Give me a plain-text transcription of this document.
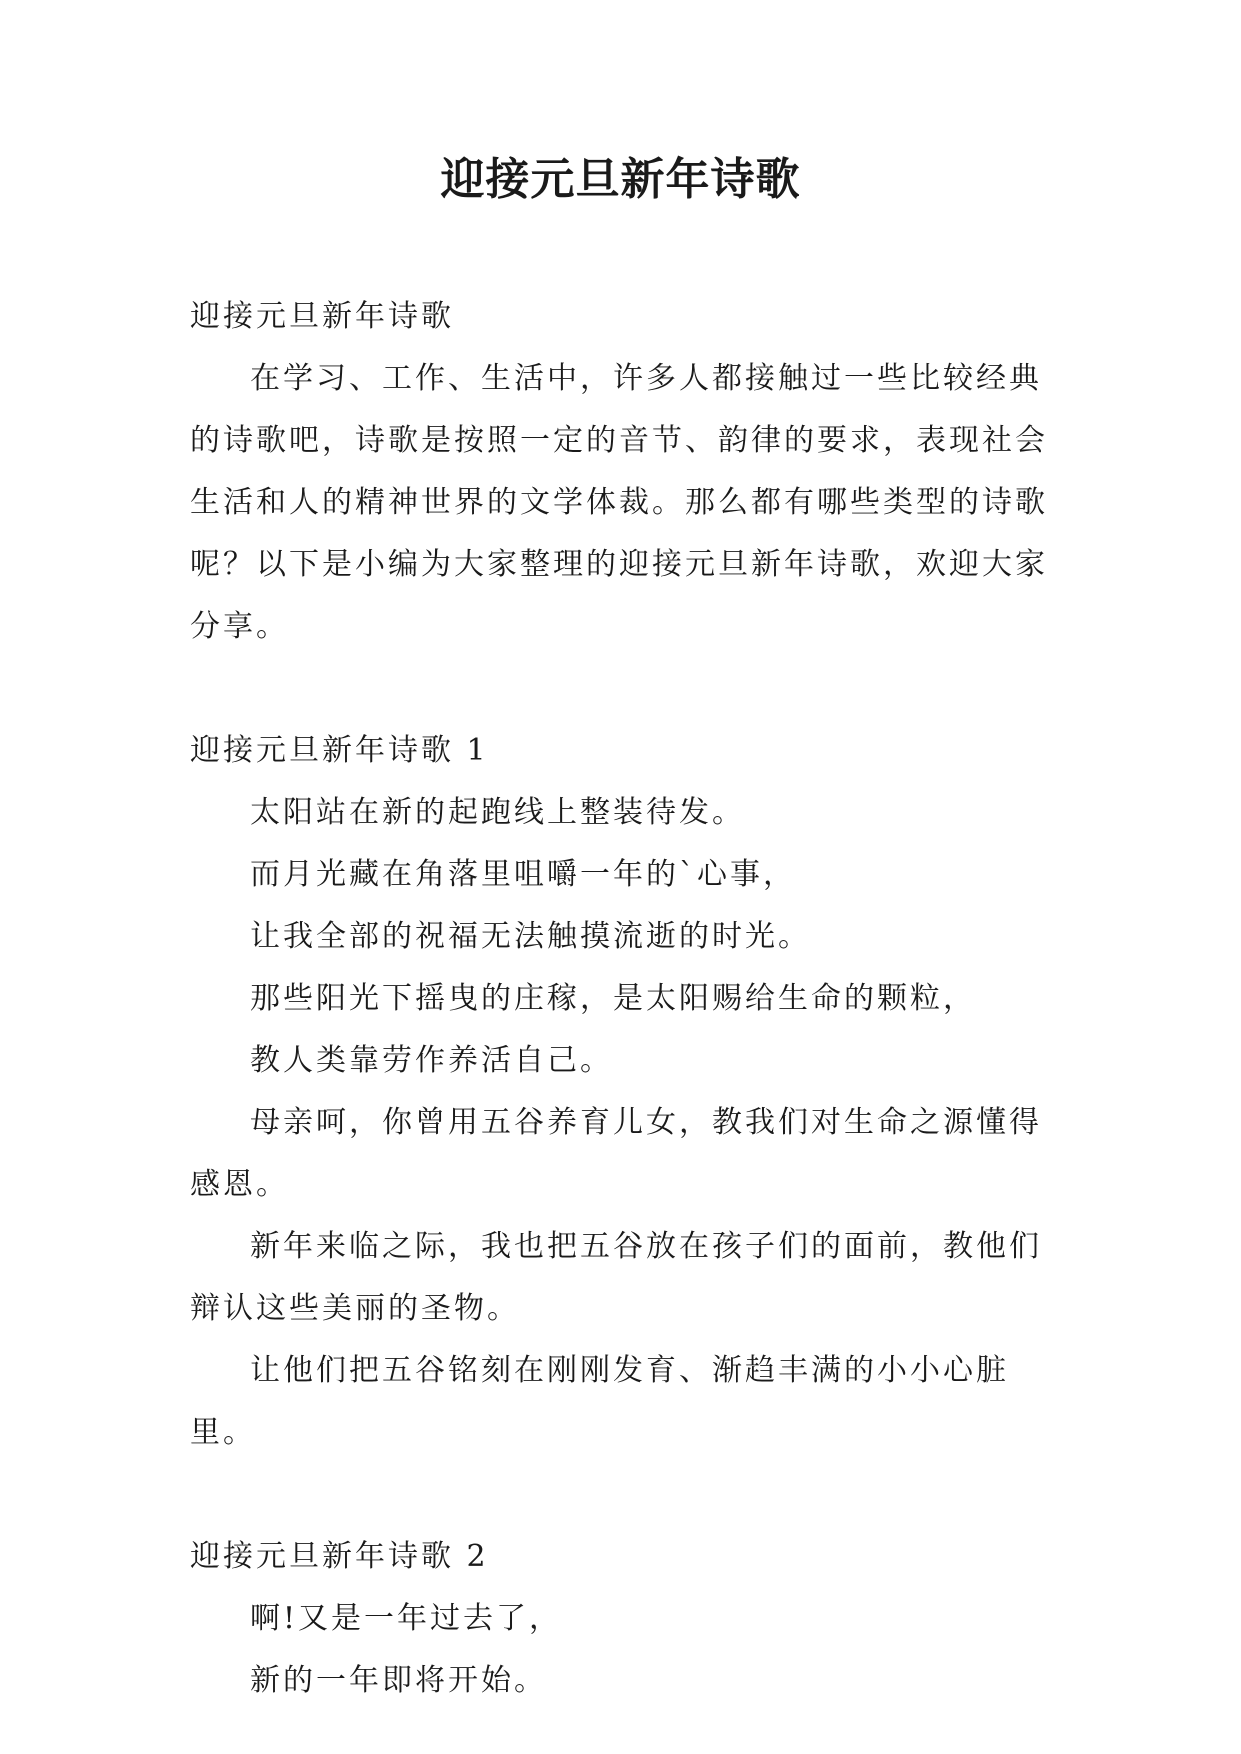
迎接元旦新年诗歌

迎接元旦新年诗歌

在学习、工作、生活中，许多人都接触过一些比较经典的诗歌吧，诗歌是按照一定的音节、韵律的要求，表现社会生活和人的精神世界的文学体裁。那么都有哪些类型的诗歌呢？以下是小编为大家整理的迎接元旦新年诗歌，欢迎大家分享。

迎接元旦新年诗歌 1

太阳站在新的起跑线上整装待发。

而月光藏在角落里咀嚼一年的`心事，

让我全部的祝福无法触摸流逝的时光。

那些阳光下摇曳的庄稼，是太阳赐给生命的颗粒，

教人类靠劳作养活自己。

母亲呵，你曾用五谷养育儿女，教我们对生命之源懂得感恩。

新年来临之际，我也把五谷放在孩子们的面前，教他们辩认这些美丽的圣物。

让他们把五谷铭刻在刚刚发育、渐趋丰满的小小心脏里。

迎接元旦新年诗歌 2

啊!又是一年过去了，

新的一年即将开始。
